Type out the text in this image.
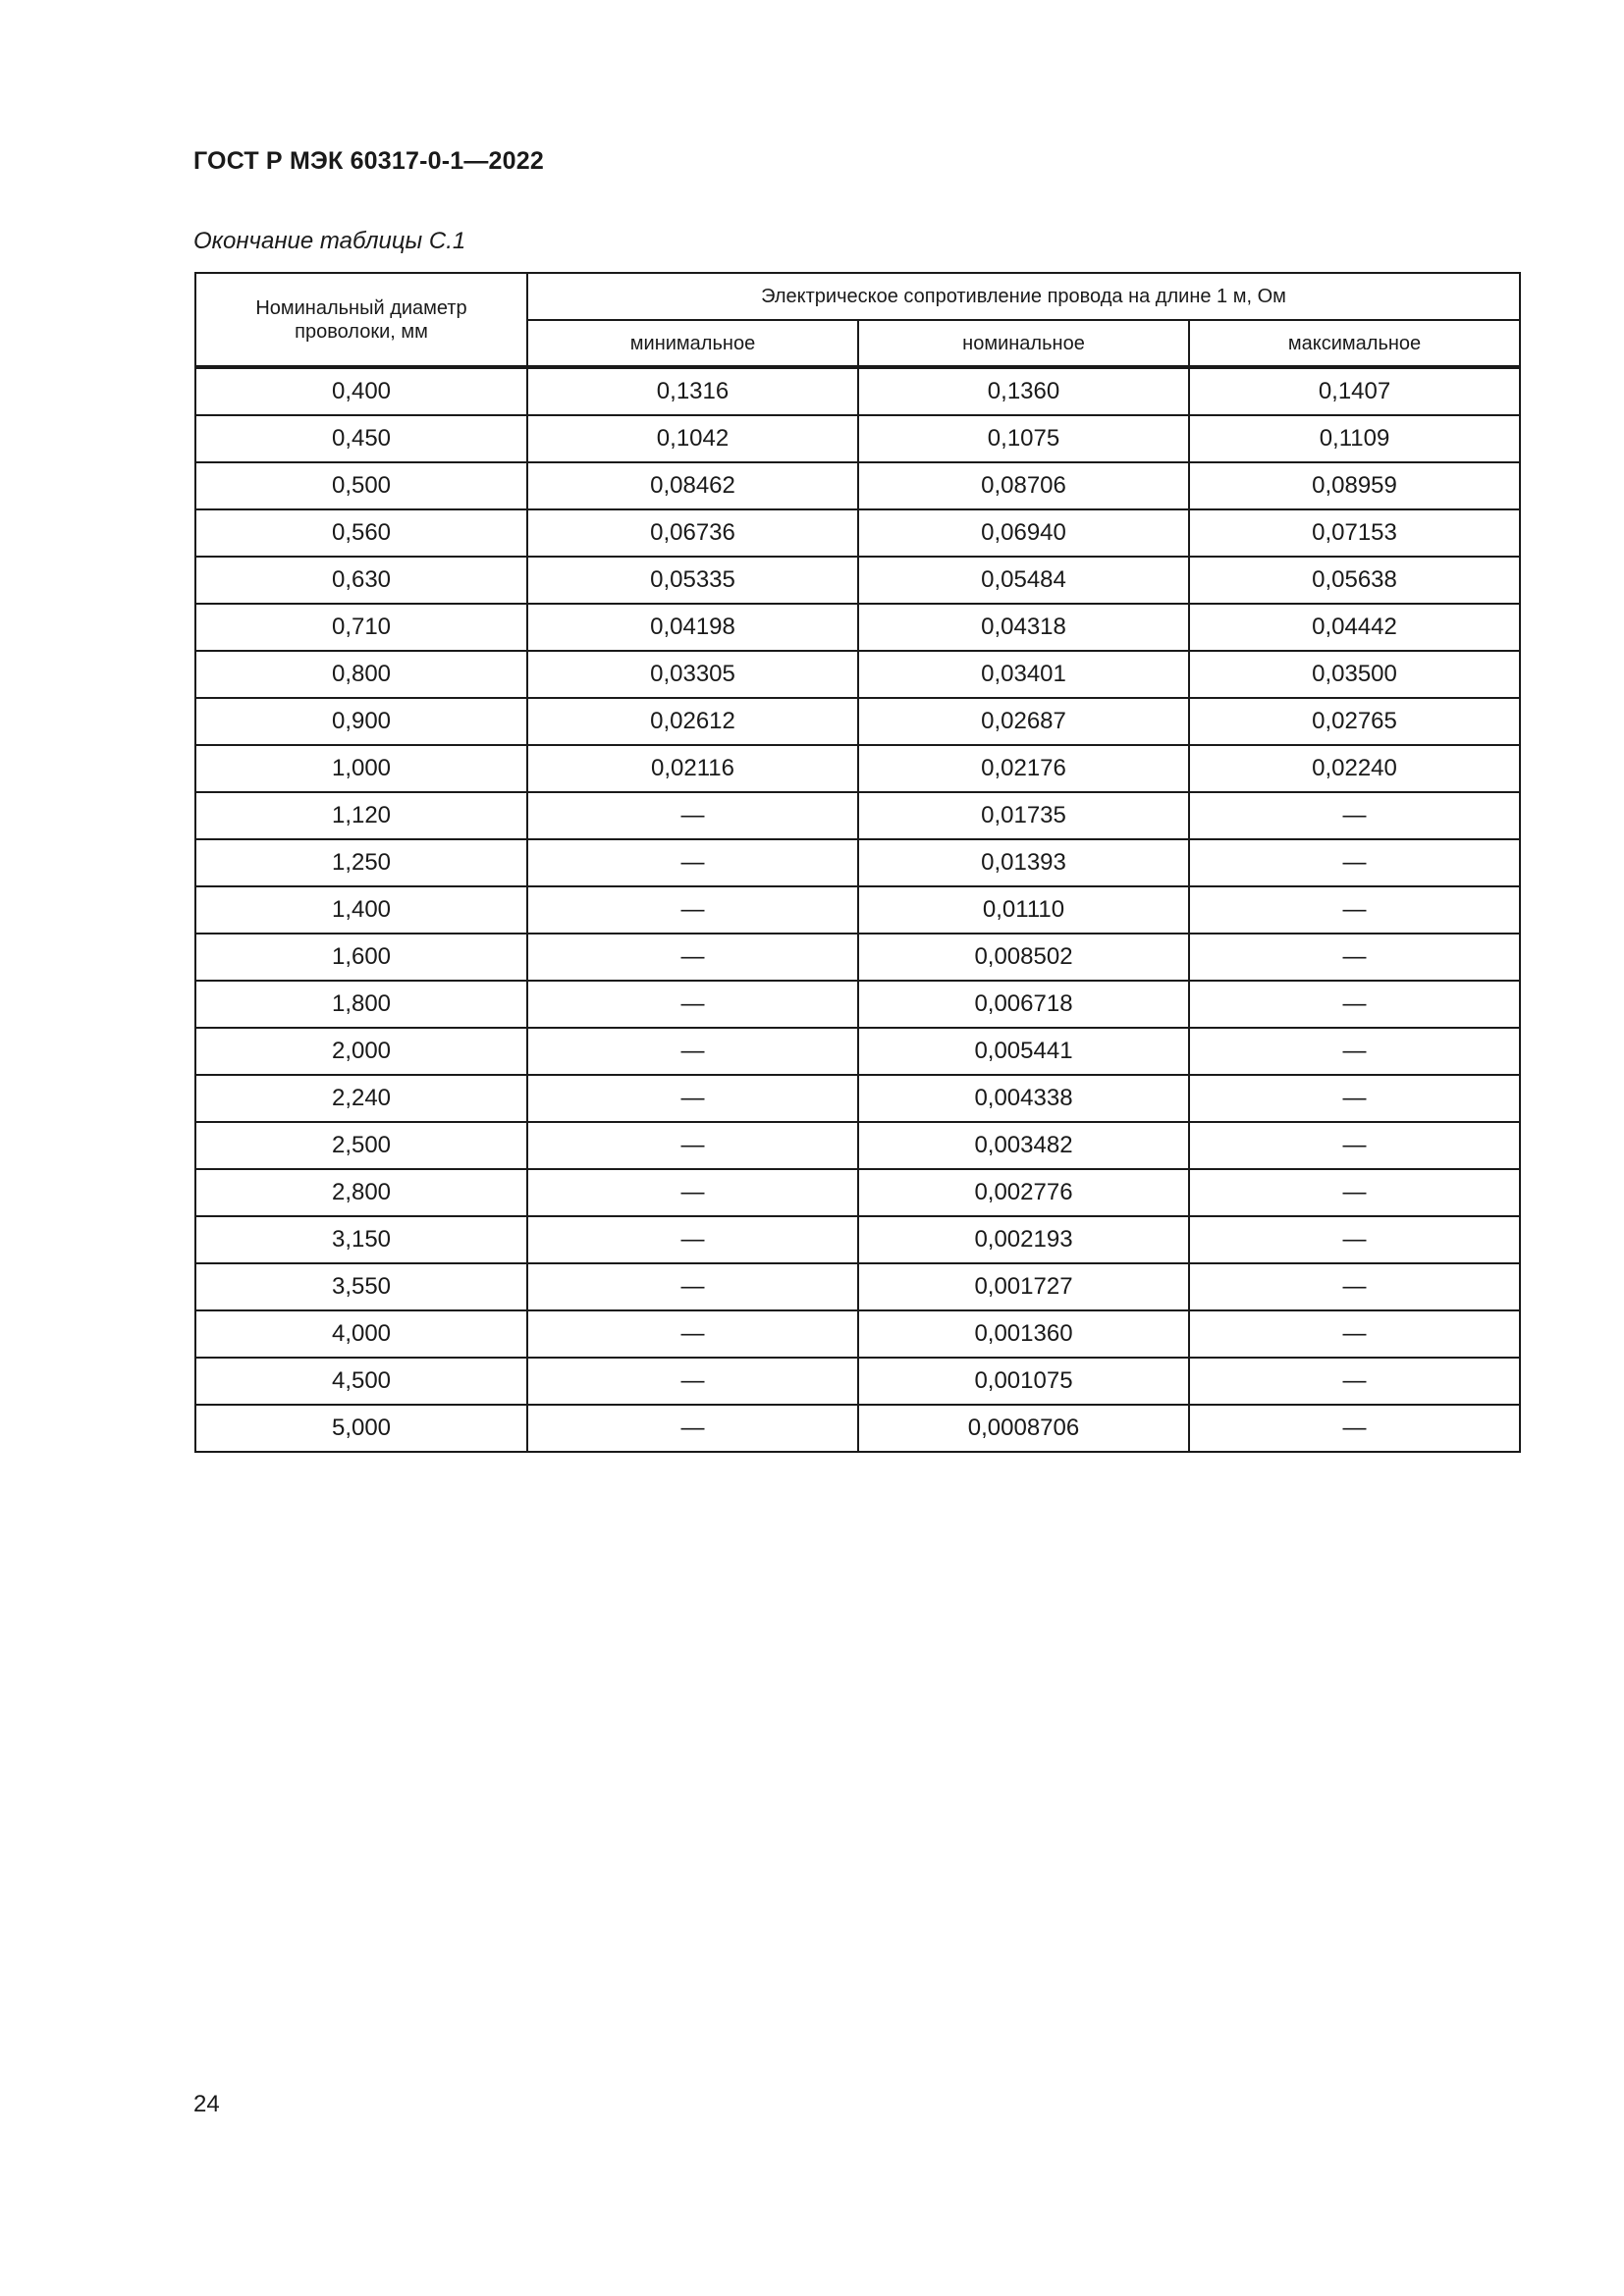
ГОСТ Р МЭК 60317-0-1—2022

Окончание таблицы С.1

Номинальный диаметр проволоки, мм	Электрическое сопротивление провода на длине 1 м, Ом		
	минимальное	номинальное	максимальное
0,400	0,1316	0,1360	0,1407
0,450	0,1042	0,1075	0,1109
0,500	0,08462	0,08706	0,08959
0,560	0,06736	0,06940	0,07153
0,630	0,05335	0,05484	0,05638
0,710	0,04198	0,04318	0,04442
0,800	0,03305	0,03401	0,03500
0,900	0,02612	0,02687	0,02765
1,000	0,02116	0,02176	0,02240
1,120	—	0,01735	—
1,250	—	0,01393	—
1,400	—	0,01110	—
1,600	—	0,008502	—
1,800	—	0,006718	—
2,000	—	0,005441	—
2,240	—	0,004338	—
2,500	—	0,003482	—
2,800	—	0,002776	—
3,150	—	0,002193	—
3,550	—	0,001727	—
4,000	—	0,001360	—
4,500	—	0,001075	—
5,000	—	0,0008706	—

24
